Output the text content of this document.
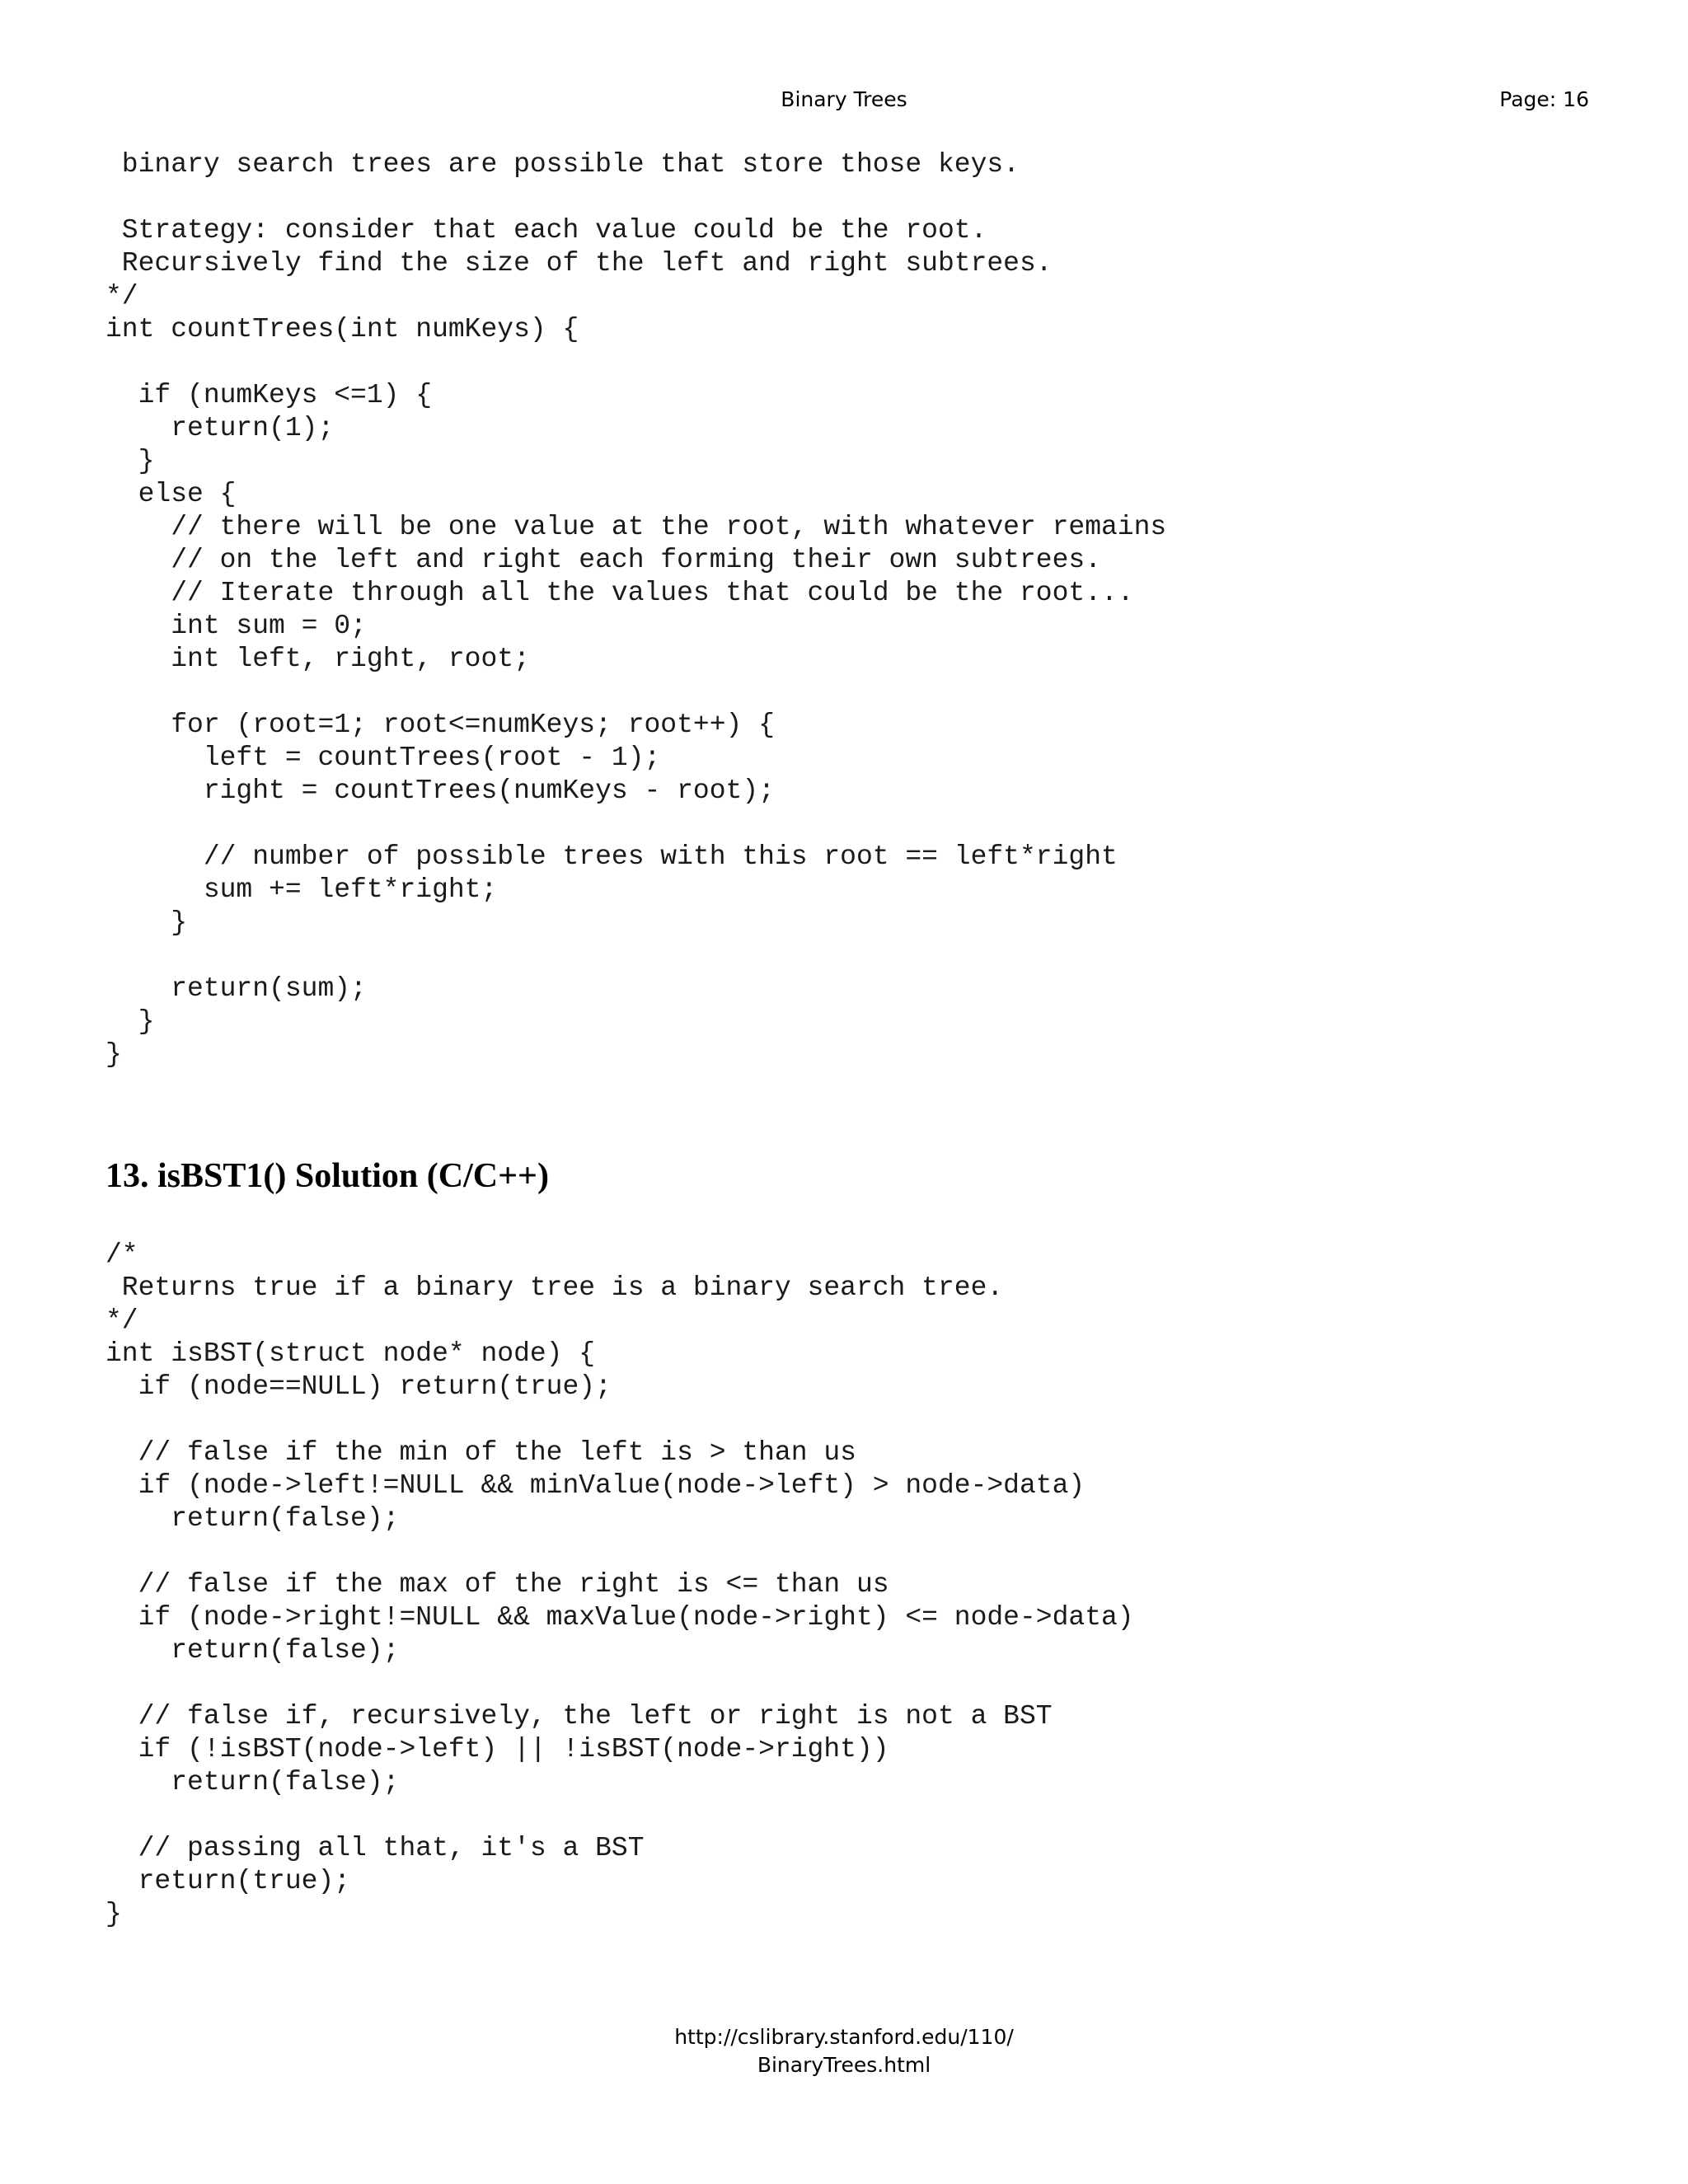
Binary Trees	Page: 16
binary search trees are possible that store those keys.

Strategy: consider that each value could be the root.
Recursively find the size of the left and right subtrees.
*/
int countTrees(int numKeys) {

if (numKeys <=1) {
return(1);
}
else {
// there will be one value at the root, with whatever remains
// on the left and right each forming their own subtrees.
// Iterate through all the values that could be the root...
int sum = 0;
int left, right, root;

for (root=1; root<=numKeys; root++) {
left = countTrees(root - 1);
right = countTrees(numKeys - root);

// number of possible trees with this root == left*right
sum += left*right;
}

return(sum);
}
}
13. isBST1() Solution (C/C++)
/*
Returns true if a binary tree is a binary search tree.
*/
int isBST(struct node* node) {
if (node==NULL) return(true);

// false if the min of the left is > than us
if (node->left!=NULL && minValue(node->left) > node->data)
return(false);

// false if the max of the right is <= than us
if (node->right!=NULL && maxValue(node->right) <= node->data)
return(false);

// false if, recursively, the left or right is not a BST
if (!isBST(node->left) || !isBST(node->right))
return(false);

// passing all that, it's a BST
return(true);
}
http://cslibrary.stanford.edu/110/
BinaryTrees.html
